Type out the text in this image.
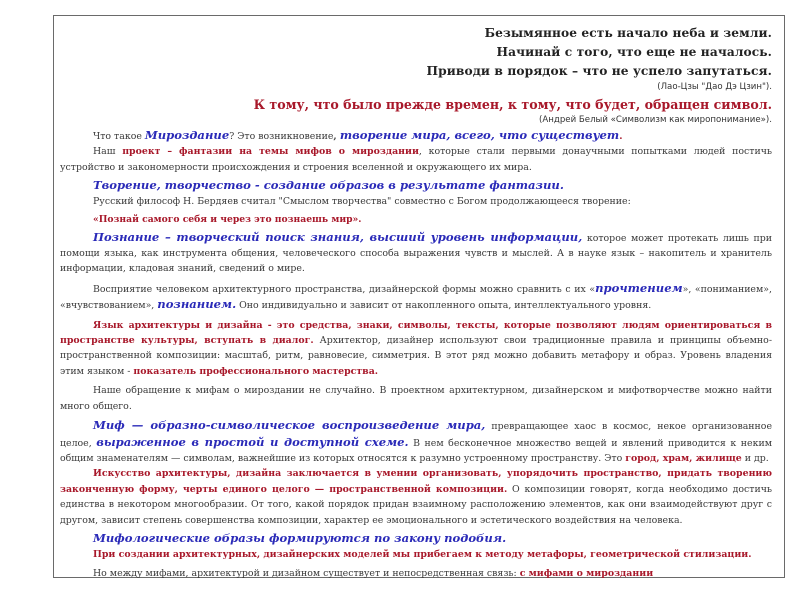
Безымянное есть начало неба и земли.
Начинай с того, что еще не началось.
Приводи в порядок – что не успело запутаться.
(Лао-Цзы "Дао Дэ Цзин").
К тому, что было прежде времен, к тому, что будет, обращен символ.
(Андрей Белый «Символизм как миропонимание»).

Что такое Мироздание? Это возникновение, творение мира, всего, что существует.

Наш проект – фантазии на темы мифов о мироздании, которые стали первыми донаучными попытками людей постичь устройство и закономерности происхождения и строения вселенной и окружающего их мира.

Творение, творчество - создание образов в результате фантазии.

Русский философ Н. Бердяев считал "Смыслом творчества" совместно с Богом продолжающееся творение:

«Познай самого себя и через это познаешь мир».

Познание – творческий поиск знания, высший уровень информации, которое может протекать лишь при помощи языка, как инструмента общения, человеческого способа выражения чувств и мыслей. А в науке язык – накопитель и хранитель информации, кладовая знаний, сведений о мире.

Восприятие человеком архитектурного пространства, дизайнерской формы можно сравнить с их «прочтением», «пониманием», «вчувствованием», познанием. Оно индивидуально и зависит от накопленного опыта, интеллектуального уровня.

Язык архитектуры и дизайна - это средства, знаки, символы, тексты, которые позволяют людям ориентироваться в пространстве культуры, вступать в диалог. Архитектор, дизайнер используют свои традиционные правила и принципы объемно-пространственной композиции: масштаб, ритм, равновесие, симметрия. В этот ряд можно добавить метафору и образ. Уровень владения этим языком - показатель профессионального мастерства.

Наше обращение к мифам о мироздании не случайно. В проектном архитектурном, дизайнерском и мифотворчестве можно найти много общего.

Миф — образно-символическое воспроизведение мира, превращающее хаос в космос, некое организованное целое, выраженное в простой и доступной схеме. В нем бесконечное множество вещей и явлений приводится к неким общим знаменателям — символам, важнейшие из которых относятся к разумно устроенному пространству. Это город, храм, жилище и др.

Искусство архитектуры, дизайна заключается в умении организовать, упорядочить пространство, придать творению законченную форму, черты единого целого — пространственной композиции. О композиции говорят, когда необходимо достичь единства в некотором многообразии. От того, какой порядок придан взаимному расположению элементов, как они взаимодействуют друг с другом, зависит степень совершенства композиции, характер ее эмоционального и эстетического воздействия на человека.

Мифологические образы формируются по закону подобия.

При создании архитектурных, дизайнерских моделей мы прибегаем к методу метафоры, геометрической стилизации.

Но между мифами, архитектурой и дизайном существует и непосредственная связь: с мифами о мироздании
